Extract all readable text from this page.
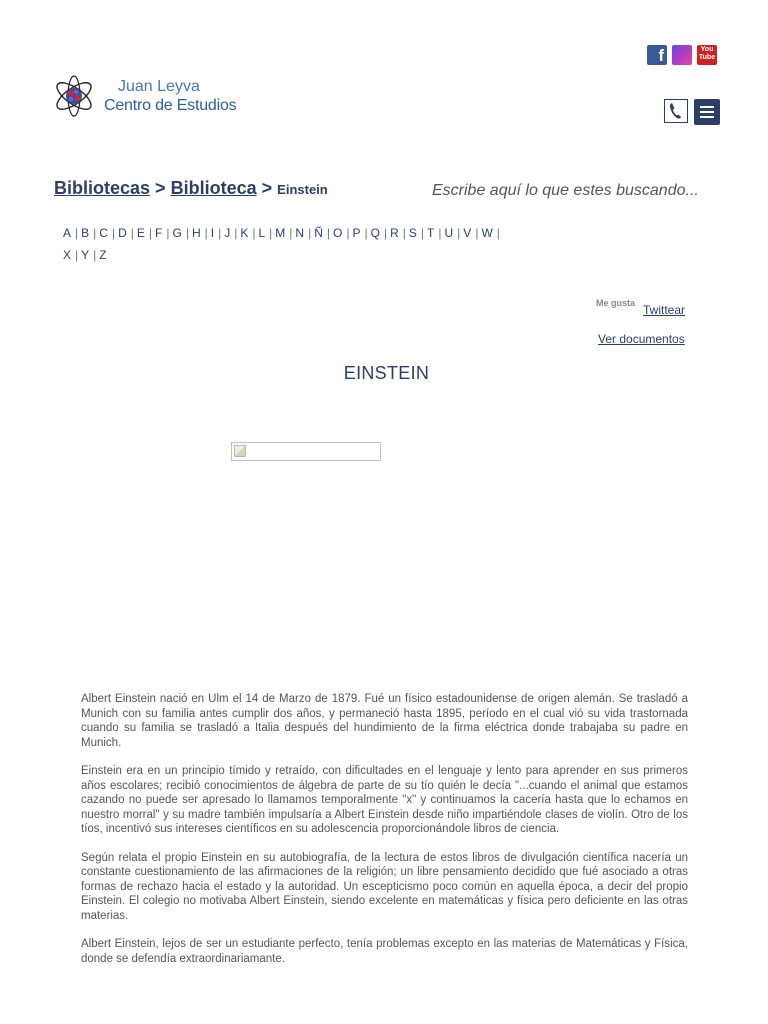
Juan Leyva
Centro de Estudios
f	You Tube
Bibliotecas > Biblioteca > Einstein
Escribe aquí lo que estes buscando...
A | B | C | D | E | F | G | H | I | J | K | L | M | N | Ñ | O | P | Q | R | S | T | U | V | W |
X | Y | Z
Me gusta Twittear
Ver documentos
EINSTEIN

Albert Einstein nació en Ulm el 14 de Marzo de 1879. Fué un físico estadounidense de origen alemán. Se trasladó a Munich con su familia antes cumplir dos años, y permaneció hasta 1895, período en el cual vió su vida trastornada cuando su familia se trasladó a Italia después del hundimiento de la firma eléctrica donde trabajaba su padre en Munich.

Einstein era en un principio tímido y retraído, con dificultades en el lenguaje y lento para aprender en sus primeros años escolares; recibió conocimientos de álgebra de parte de su tío quién le decía "...cuando el animal que estamos cazando no puede ser apresado lo llamamos temporalmente "x" y continuamos la cacería hasta que lo echamos en nuestro morral" y su madre también impulsaría a Albert Einstein desde niño impartiéndole clases de violín. Otro de los tíos, incentivó sus intereses científicos en su adolescencia proporcionándole libros de ciencia.

Según relata el propio Einstein en su autobiografía, de la lectura de estos libros de divulgación científica nacería un constante cuestionamiento de las afirmaciones de la religión; un libre pensamiento decidido que fué asociado a otras formas de rechazo hacia el estado y la autoridad. Un escepticismo poco común en aquella época, a decir del propio Einstein. El colegio no motivaba Albert Einstein, siendo excelente en matemáticas y física pero deficiente en las otras materias.

Albert Einstein, lejos de ser un estudiante perfecto, tenía problemas excepto en las materias de Matemáticas y Física, donde se defendía extraordinariamante.
